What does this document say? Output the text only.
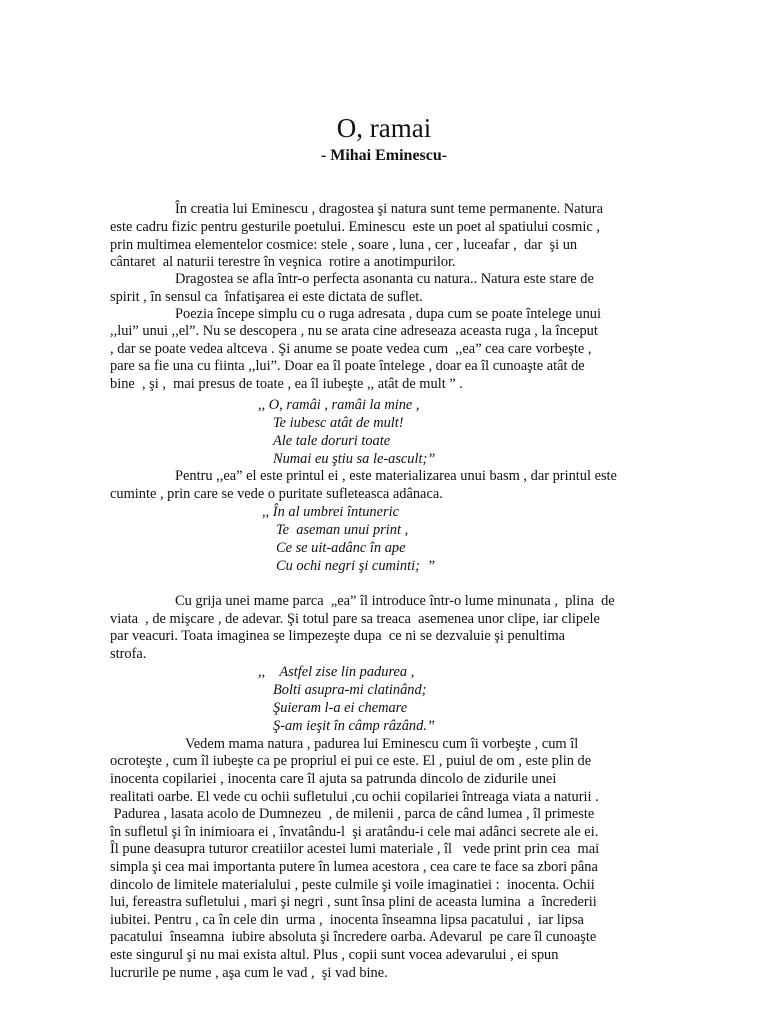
O, ramai
- Mihai Eminescu-
În creatia lui Eminescu , dragostea şi natura sunt teme permanente. Natura
este cadru fizic pentru gesturile poetului. Eminescu  este un poet al spatiului cosmic ,
prin multimea elementelor cosmice: stele , soare , luna , cer , luceafar ,  dar  şi un
cântaret  al naturii terestre în veşnica  rotire a anotimpurilor.
Dragostea se afla într-o perfecta asonanta cu natura.. Natura este stare de
spirit , în sensul ca  înfatişarea ei este dictata de suflet.
Poezia începe simplu cu o ruga adresata , dupa cum se poate întelege unui
,,lui” unui ,,el”. Nu se descopera , nu se arata cine adreseaza aceasta ruga , la început
, dar se poate vedea altceva . Şi anume se poate vedea cum  ,,ea” cea care vorbeşte ,
pare sa fie una cu fiinta ,,lui”. Doar ea îl poate întelege , doar ea îl cunoaşte atât de
bine  , şi ,  mai presus de toate , ea îl iubeşte ,, atât de mult ” .
,, O, ramâi , ramâi la mine ,
Te iubesc atât de mult!
Ale tale doruri toate
Numai eu ştiu sa le-ascult;”
Pentru ,,ea” el este printul ei , este materializarea unui basm , dar printul este
cuminte , prin care se vede o puritate sufleteasca adânaca.
,, În al umbrei întuneric
Te  aseman unui print ,
Ce se uit-adânc în ape
Cu ochi negri şi cuminti;  ”
Cu grija unei mame parca  „ea” îl introduce într-o lume minunata ,  plina  de
viata  , de mişcare , de adevar. Şi totul pare sa treaca  asemenea unor clipe, iar clipele
par veacuri. Toata imaginea se limpezeşte dupa  ce ni se dezvaluie şi penultima
strofa.
,,    Astfel zise lin padurea ,
Bolti asupra-mi clatinând;
Şuieram l-a ei chemare
Ş-am ieşit în câmp râzând.”
Vedem mama natura , padurea lui Eminescu cum îi vorbeşte , cum îl
ocroteşte , cum îl iubeşte ca pe propriul ei pui ce este. El , puiul de om , este plin de
inocenta copilariei , inocenta care îl ajuta sa patrunda dincolo de zidurile unei
realitati oarbe. El vede cu ochii sufletului ,cu ochii copilariei întreaga viata a naturii .
Padurea , lasata acolo de Dumnezeu  , de milenii , parca de când lumea , îl primeste
în sufletul şi în inimioara ei , învatându-l  şi aratându-i cele mai adânci secrete ale ei.
Îl pune deasupra tuturor creatiilor acestei lumi materiale , îl   vede print prin cea  mai
simpla şi cea mai importanta putere în lumea acestora , cea care te face sa zbori pâna
dincolo de limitele materialului , peste culmile şi voile imaginatiei :  inocenta. Ochii
lui, fereastra sufletului , mari şi negri , sunt însa plini de aceasta lumina  a  încrederii
iubitei. Pentru , ca în cele din  urma ,  inocenta înseamna lipsa pacatului ,  iar lipsa
pacatului  înseamna  iubire absoluta şi încredere oarba. Adevarul  pe care îl cunoaşte
este singurul şi nu mai exista altul. Plus , copii sunt vocea adevarului , ei spun
lucrurile pe nume , aşa cum le vad ,  şi vad bine.
